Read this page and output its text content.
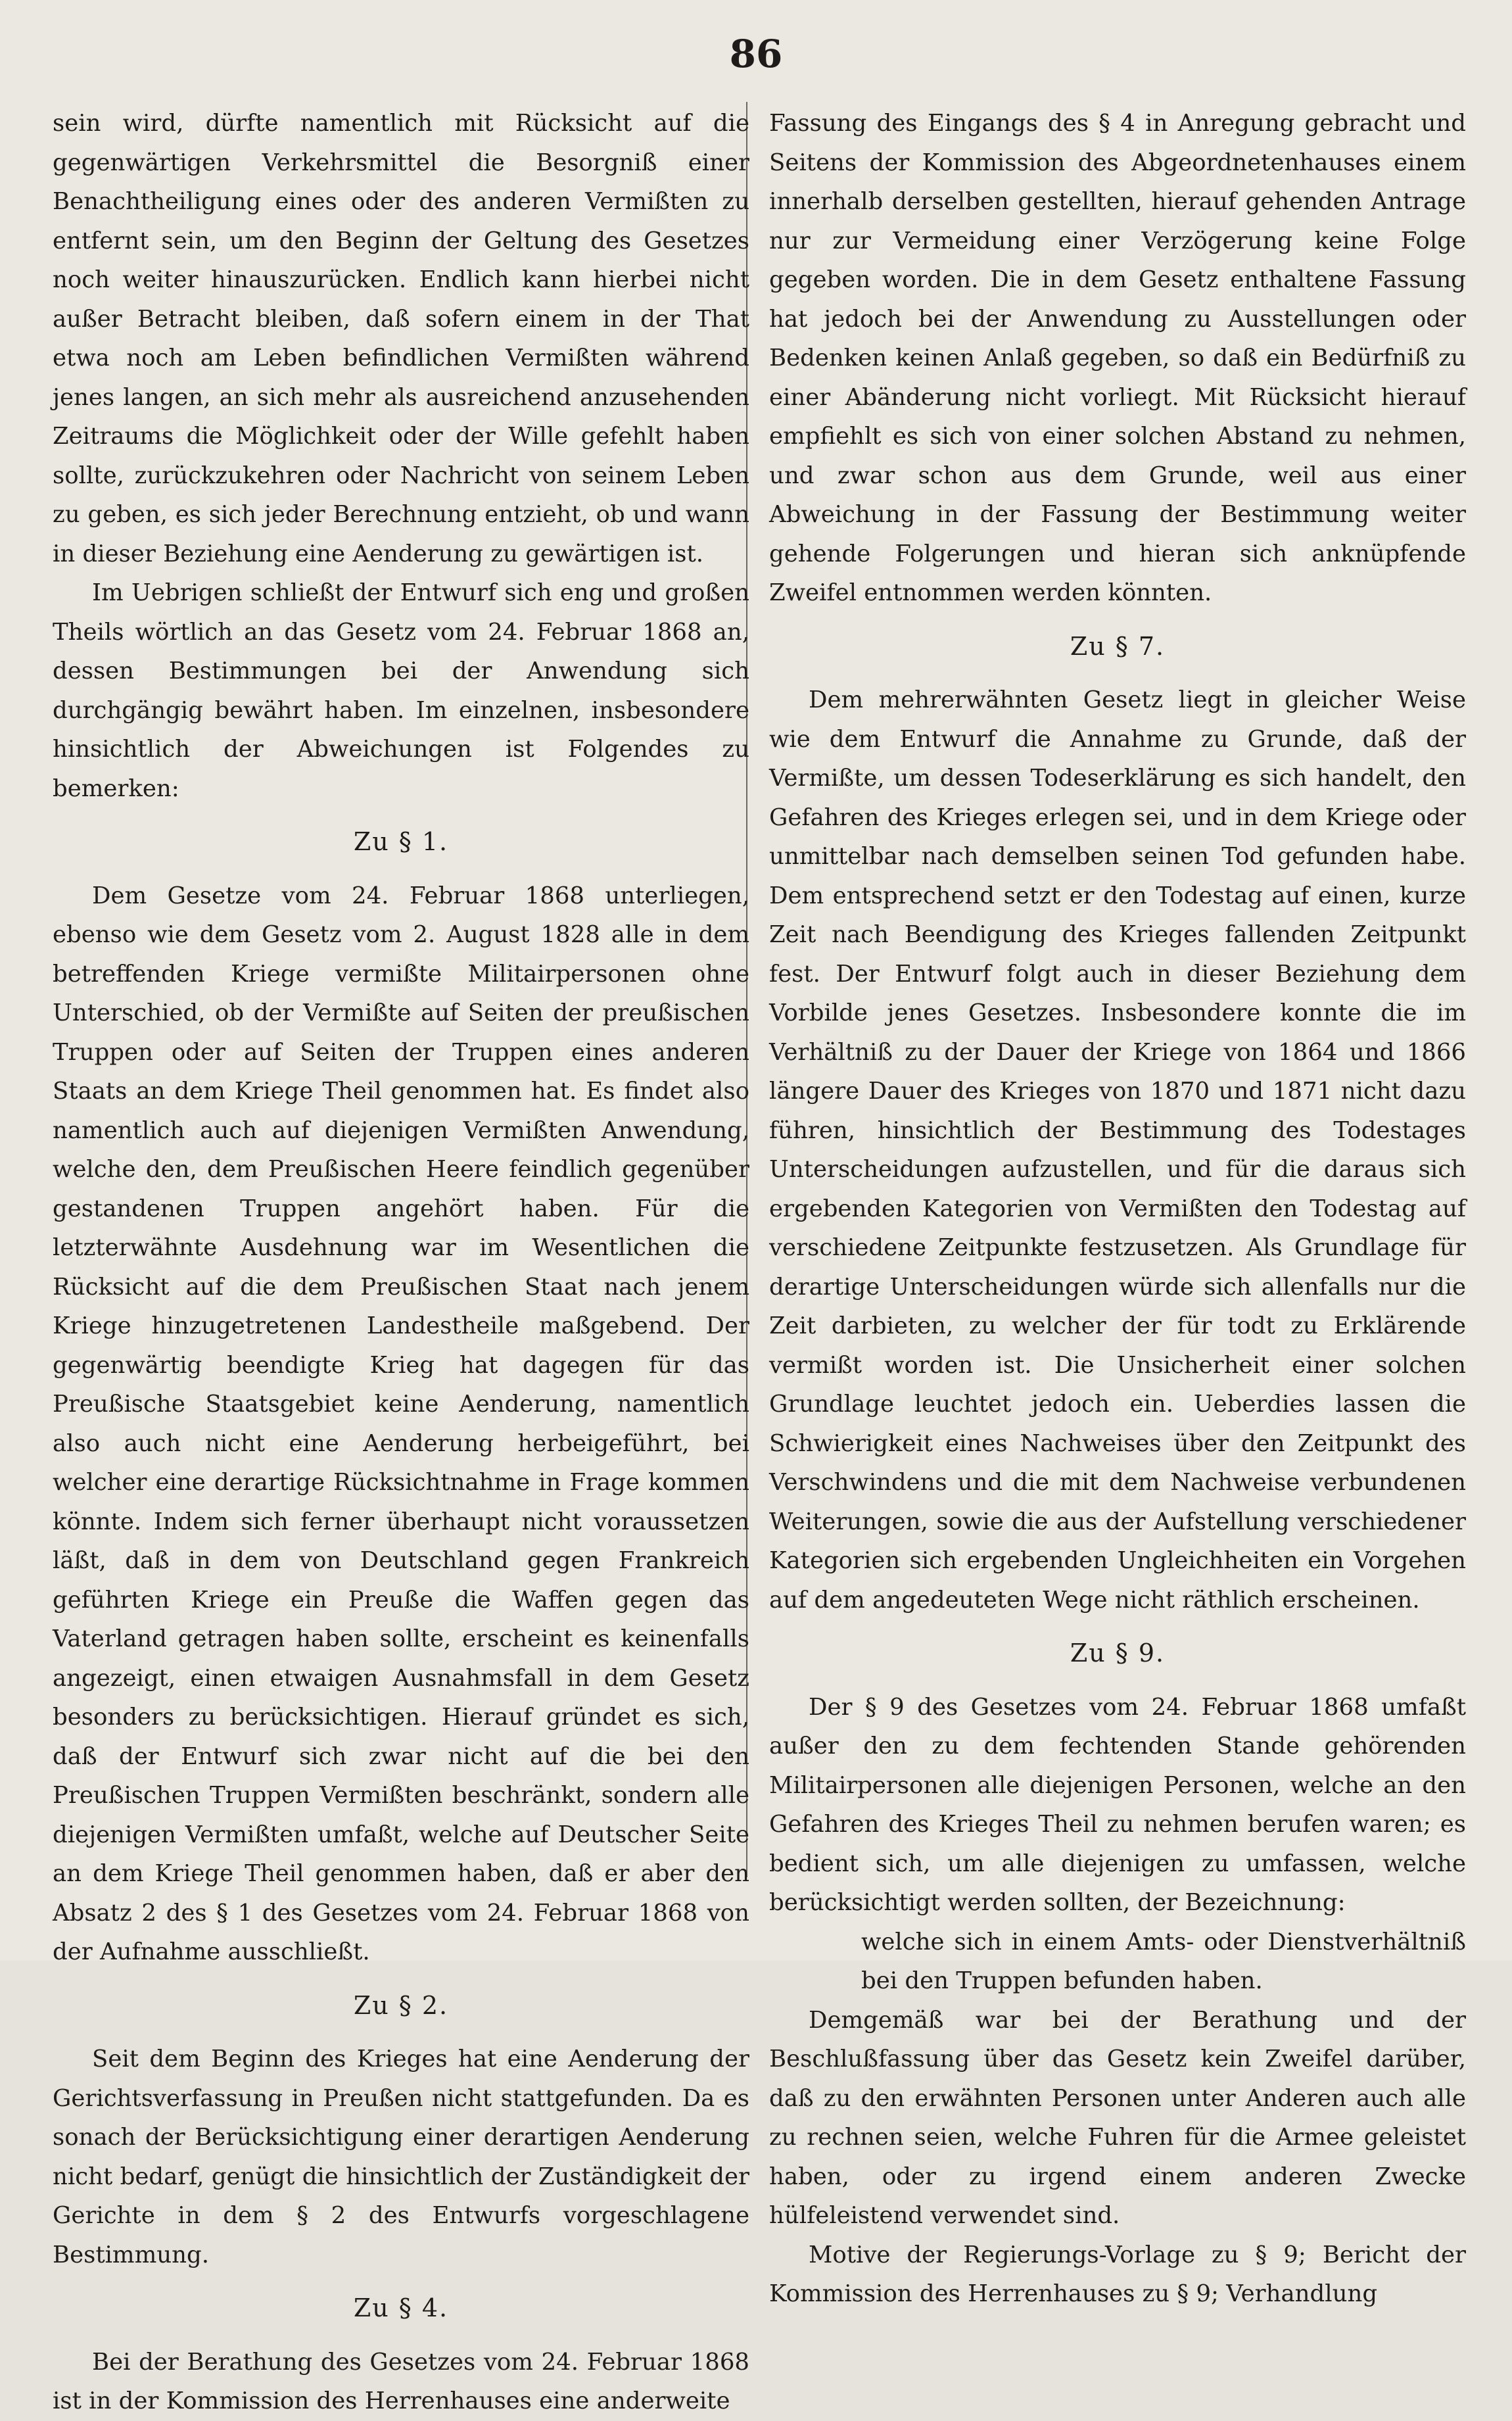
86

sein wird, dürfte namentlich mit Rücksicht auf die gegenwärtigen Verkehrsmittel die Besorgniß einer Benachtheiligung eines oder des anderen Vermißten zu entfernt sein, um den Beginn der Geltung des Gesetzes noch weiter hinauszurücken. Endlich kann hierbei nicht außer Betracht bleiben, daß sofern einem in der That etwa noch am Leben befindlichen Vermißten während jenes langen, an sich mehr als ausreichend anzusehenden Zeitraums die Möglichkeit oder der Wille gefehlt haben sollte, zurückzukehren oder Nachricht von seinem Leben zu geben, es sich jeder Berechnung entzieht, ob und wann in dieser Beziehung eine Aenderung zu gewärtigen ist.

Im Uebrigen schließt der Entwurf sich eng und großen Theils wörtlich an das Gesetz vom 24. Februar 1868 an, dessen Bestimmungen bei der Anwendung sich durchgängig bewährt haben. Im einzelnen, insbesondere hinsichtlich der Abweichungen ist Folgendes zu bemerken:

Zu § 1.

Dem Gesetze vom 24. Februar 1868 unterliegen, ebenso wie dem Gesetz vom 2. August 1828 alle in dem betreffenden Kriege vermißte Militairpersonen ohne Unterschied, ob der Vermißte auf Seiten der preußischen Truppen oder auf Seiten der Truppen eines anderen Staats an dem Kriege Theil genommen hat. Es findet also namentlich auch auf diejenigen Vermißten Anwendung, welche den, dem Preußischen Heere feindlich gegenüber gestandenen Truppen angehört haben. Für die letzterwähnte Ausdehnung war im Wesentlichen die Rücksicht auf die dem Preußischen Staat nach jenem Kriege hinzugetretenen Landestheile maßgebend. Der gegenwärtig beendigte Krieg hat dagegen für das Preußische Staatsgebiet keine Aenderung, namentlich also auch nicht eine Aenderung herbeigeführt, bei welcher eine derartige Rücksichtnahme in Frage kommen könnte. Indem sich ferner überhaupt nicht voraussetzen läßt, daß in dem von Deutschland gegen Frankreich geführten Kriege ein Preuße die Waffen gegen das Vaterland getragen haben sollte, erscheint es keinenfalls angezeigt, einen etwaigen Ausnahmsfall in dem Gesetz besonders zu berücksichtigen. Hierauf gründet es sich, daß der Entwurf sich zwar nicht auf die bei den Preußischen Truppen Vermißten beschränkt, sondern alle diejenigen Vermißten umfaßt, welche auf Deutscher Seite an dem Kriege Theil genommen haben, daß er aber den Absatz 2 des § 1 des Gesetzes vom 24. Februar 1868 von der Aufnahme ausschließt.

Zu § 2.

Seit dem Beginn des Krieges hat eine Aenderung der Gerichtsverfassung in Preußen nicht stattgefunden. Da es sonach der Berücksichtigung einer derartigen Aenderung nicht bedarf, genügt die hinsichtlich der Zuständigkeit der Gerichte in dem § 2 des Entwurfs vorgeschlagene Bestimmung.

Zu § 4.

Bei der Berathung des Gesetzes vom 24. Februar 1868 ist in der Kommission des Herrenhauses eine anderweite

Fassung des Eingangs des § 4 in Anregung gebracht und Seitens der Kommission des Abgeordnetenhauses einem innerhalb derselben gestellten, hierauf gehenden Antrage nur zur Vermeidung einer Verzögerung keine Folge gegeben worden. Die in dem Gesetz enthaltene Fassung hat jedoch bei der Anwendung zu Ausstellungen oder Bedenken keinen Anlaß gegeben, so daß ein Bedürfniß zu einer Abänderung nicht vorliegt. Mit Rücksicht hierauf empfiehlt es sich von einer solchen Abstand zu nehmen, und zwar schon aus dem Grunde, weil aus einer Abweichung in der Fassung der Bestimmung weiter gehende Folgerungen und hieran sich anknüpfende Zweifel entnommen werden könnten.

Zu § 7.

Dem mehrerwähnten Gesetz liegt in gleicher Weise wie dem Entwurf die Annahme zu Grunde, daß der Vermißte, um dessen Todeserklärung es sich handelt, den Gefahren des Krieges erlegen sei, und in dem Kriege oder unmittelbar nach demselben seinen Tod gefunden habe. Dem entsprechend setzt er den Todestag auf einen, kurze Zeit nach Beendigung des Krieges fallenden Zeitpunkt fest. Der Entwurf folgt auch in dieser Beziehung dem Vorbilde jenes Gesetzes. Insbesondere konnte die im Verhältniß zu der Dauer der Kriege von 1864 und 1866 längere Dauer des Krieges von 1870 und 1871 nicht dazu führen, hinsichtlich der Bestimmung des Todestages Unterscheidungen aufzustellen, und für die daraus sich ergebenden Kategorien von Vermißten den Todestag auf verschiedene Zeitpunkte festzusetzen. Als Grundlage für derartige Unterscheidungen würde sich allenfalls nur die Zeit darbieten, zu welcher der für todt zu Erklärende vermißt worden ist. Die Unsicherheit einer solchen Grundlage leuchtet jedoch ein. Ueberdies lassen die Schwierigkeit eines Nachweises über den Zeitpunkt des Verschwindens und die mit dem Nachweise verbundenen Weiterungen, sowie die aus der Aufstellung verschiedener Kategorien sich ergebenden Ungleichheiten ein Vorgehen auf dem angedeuteten Wege nicht räthlich erscheinen.

Zu § 9.

Der § 9 des Gesetzes vom 24. Februar 1868 umfaßt außer den zu dem fechtenden Stande gehörenden Militairpersonen alle diejenigen Personen, welche an den Gefahren des Krieges Theil zu nehmen berufen waren; es bedient sich, um alle diejenigen zu umfassen, welche berücksichtigt werden sollten, der Bezeichnung:

welche sich in einem Amts- oder Dienstverhältniß bei den Truppen befunden haben.

Demgemäß war bei der Berathung und der Beschlußfassung über das Gesetz kein Zweifel darüber, daß zu den erwähnten Personen unter Anderen auch alle zu rechnen seien, welche Fuhren für die Armee geleistet haben, oder zu irgend einem anderen Zwecke hülfeleistend verwendet sind.

Motive der Regierungs-Vorlage zu § 9; Bericht der Kommission des Herrenhauses zu § 9; Verhandlung
